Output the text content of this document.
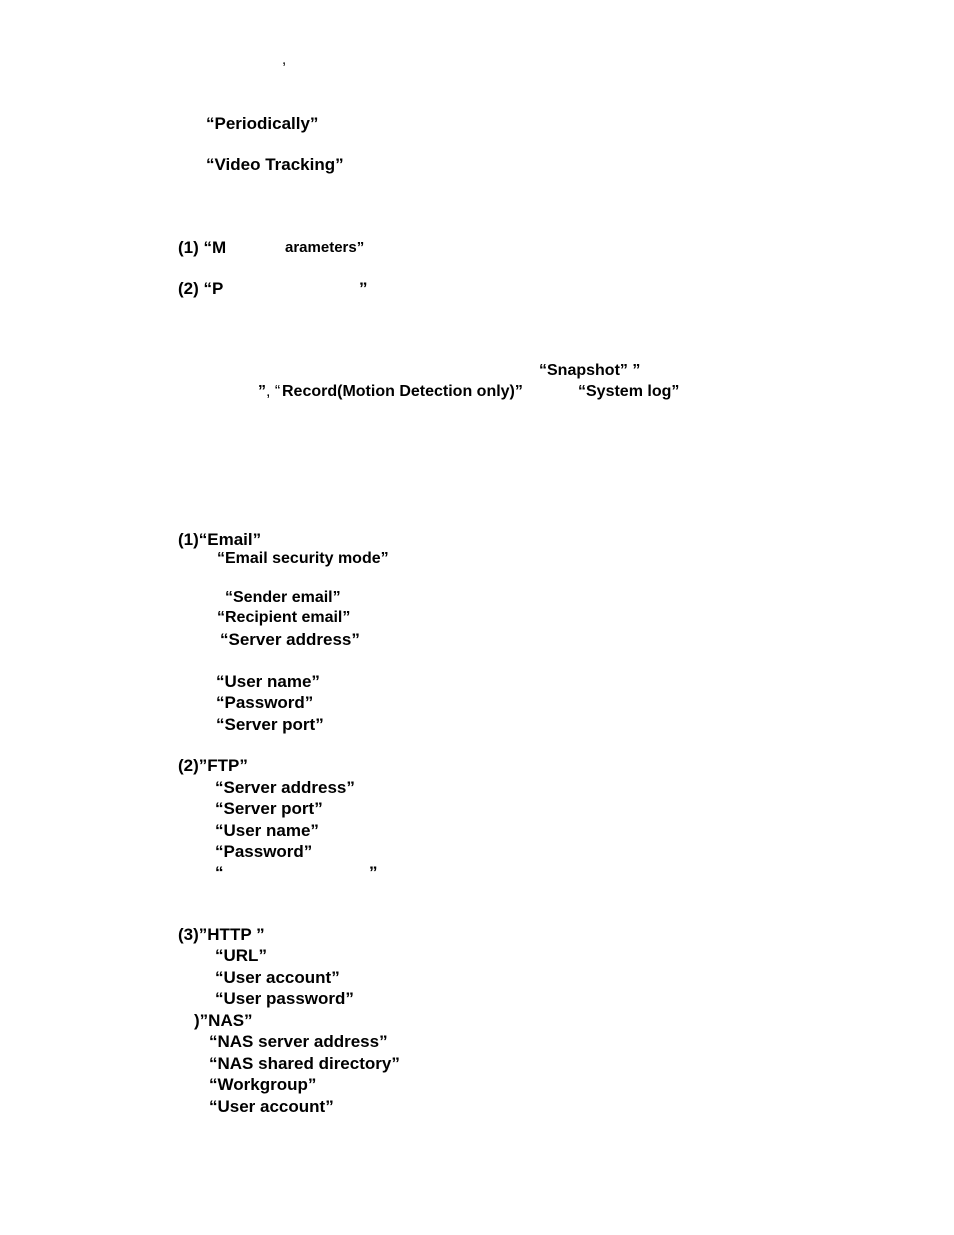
,
“Periodically”
“Video Tracking”
(1) “M	arameters”
(2) “P	”
“Snapshot” ”
” , “ Record(Motion Detection only)”	“System log”
(1)“Email”
“Email security mode”
“Sender email”
“Recipient email”
“Server address”
“User name”
“Password”
“Server port”
(2)”FTP”
“Server address”
“Server port”
“User name”
“Password”
“	”
(3)”HTTP ”
“URL”
“User account”
“User password”
)”NAS”
“NAS server address”
“NAS shared directory”
“Workgroup”
“User account”
